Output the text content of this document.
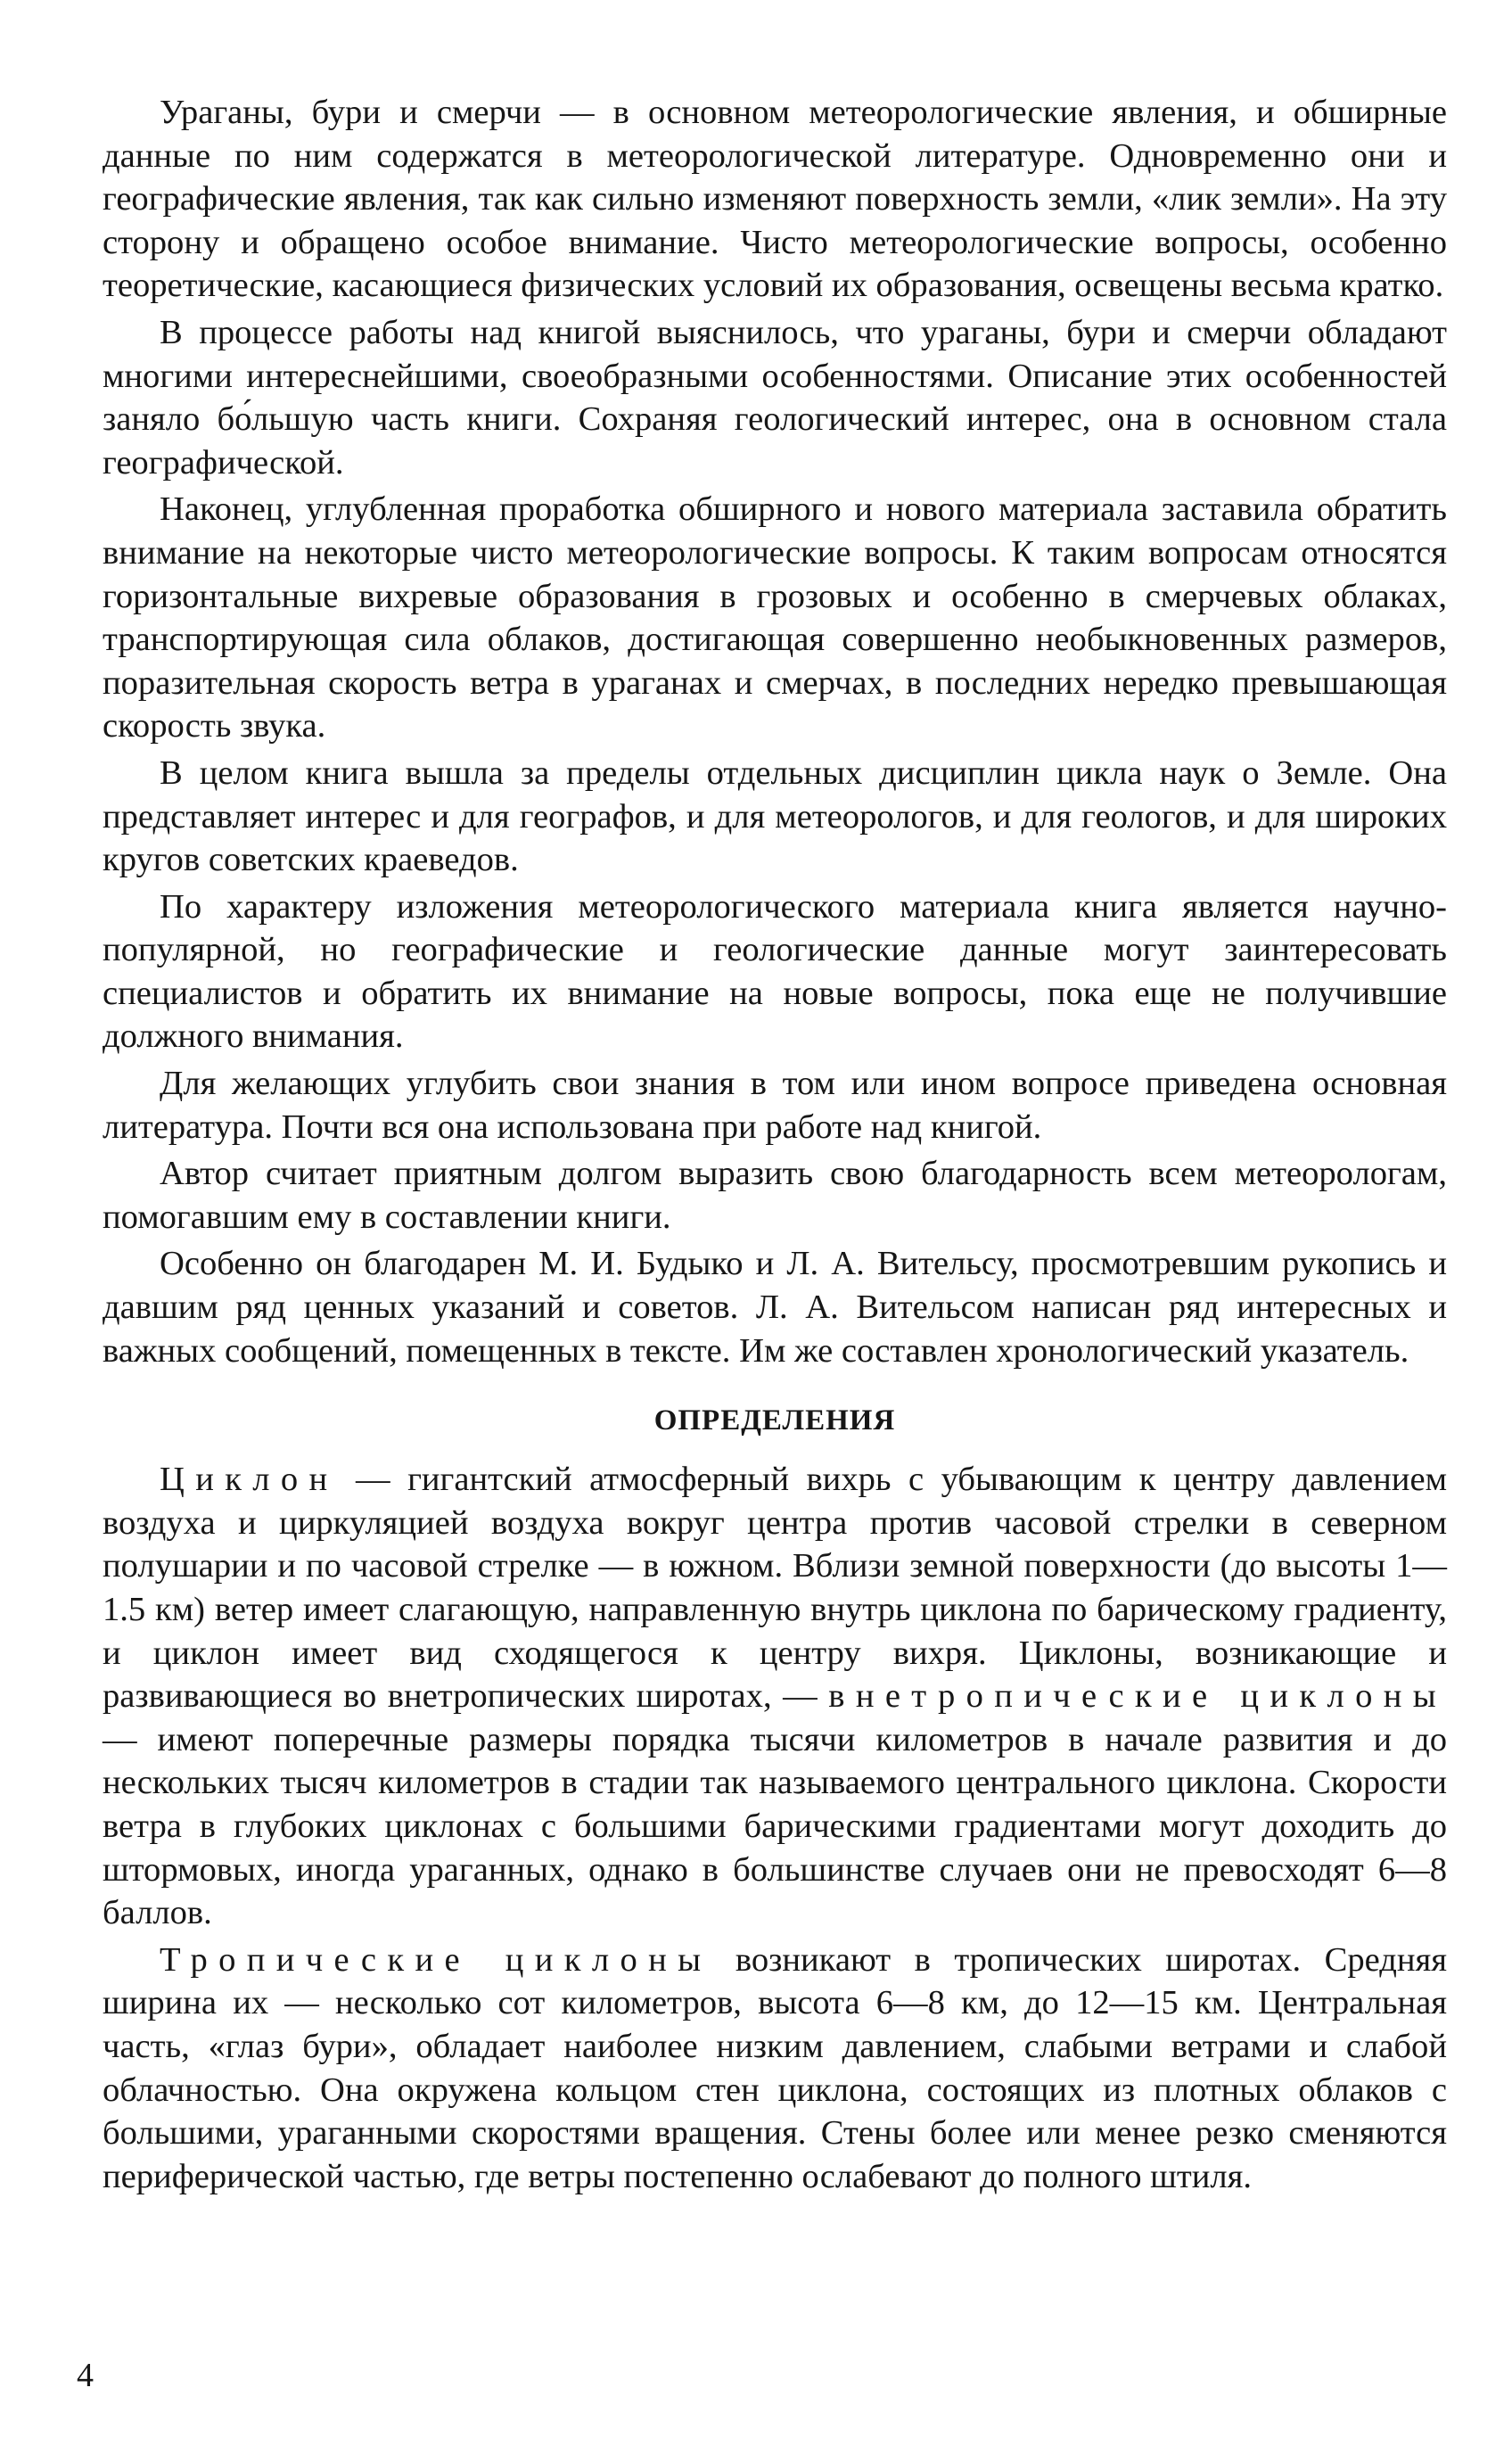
Ураганы, бури и смерчи — в основном метеорологические явления, и обширные данные по ним содержатся в метеорологической литературе. Одновременно они и географические явления, так как сильно изменяют поверхность земли, «лик земли». На эту сторону и обращено особое внимание. Чисто метеорологические вопросы, особенно теоретические, касающиеся физических условий их образования, освещены весьма кратко.

В процессе работы над книгой выяснилось, что ураганы, бури и смерчи обладают многими интереснейшими, своеобразными особенностями. Описание этих особенностей заняло бо́льшую часть книги. Сохраняя геологический интерес, она в основном стала географической.

Наконец, углубленная проработка обширного и нового материала заставила обратить внимание на некоторые чисто метеорологические вопросы. К таким вопросам относятся горизонтальные вихревые образования в грозовых и особенно в смерчевых облаках, транспортирующая сила облаков, достигающая совершенно необыкновенных размеров, поразительная скорость ветра в ураганах и смерчах, в последних нередко превышающая скорость звука.

В целом книга вышла за пределы отдельных дисциплин цикла наук о Земле. Она представляет интерес и для географов, и для метеорологов, и для геологов, и для широких кругов советских краеведов.

По характеру изложения метеорологического материала книга является научно-популярной, но географические и геологические данные могут заинтересовать специалистов и обратить их внимание на новые вопросы, пока еще не получившие должного внимания.

Для желающих углубить свои знания в том или ином вопросе приведена основная литература. Почти вся она использована при работе над книгой.

Автор считает приятным долгом выразить свою благодарность всем метеорологам, помогавшим ему в составлении книги.

Особенно он благодарен М. И. Будыко и Л. А. Вительсу, просмотревшим рукопись и давшим ряд ценных указаний и советов. Л. А. Вительсом написан ряд интересных и важных сообщений, помещенных в тексте. Им же составлен хронологический указатель.

ОПРЕДЕЛЕНИЯ

Циклон — гигантский атмосферный вихрь с убывающим к центру давлением воздуха и циркуляцией воздуха вокруг центра против часовой стрелки в северном полушарии и по часовой стрелке — в южном. Вблизи земной поверхности (до высоты 1—1.5 км) ветер имеет слагающую, направленную внутрь циклона по барическому градиенту, и циклон имеет вид сходящегося к центру вихря. Циклоны, возникающие и развивающиеся во внетропических широтах, — внетропические циклоны — имеют поперечные размеры порядка тысячи километров в начале развития и до нескольких тысяч километров в стадии так называемого центрального циклона. Скорости ветра в глубоких циклонах с большими барическими градиентами могут доходить до штормовых, иногда ураганных, однако в большинстве случаев они не превосходят 6—8 баллов.

Тропические циклоны возникают в тропических широтах. Средняя ширина их — несколько сот километров, высота 6—8 км, до 12—15 км. Центральная часть, «глаз бури», обладает наиболее низким давлением, слабыми ветрами и слабой облачностью. Она окружена кольцом стен циклона, состоящих из плотных облаков с большими, ураганными скоростями вращения. Стены более или менее резко сменяются периферической частью, где ветры постепенно ослабевают до полного штиля.

4
